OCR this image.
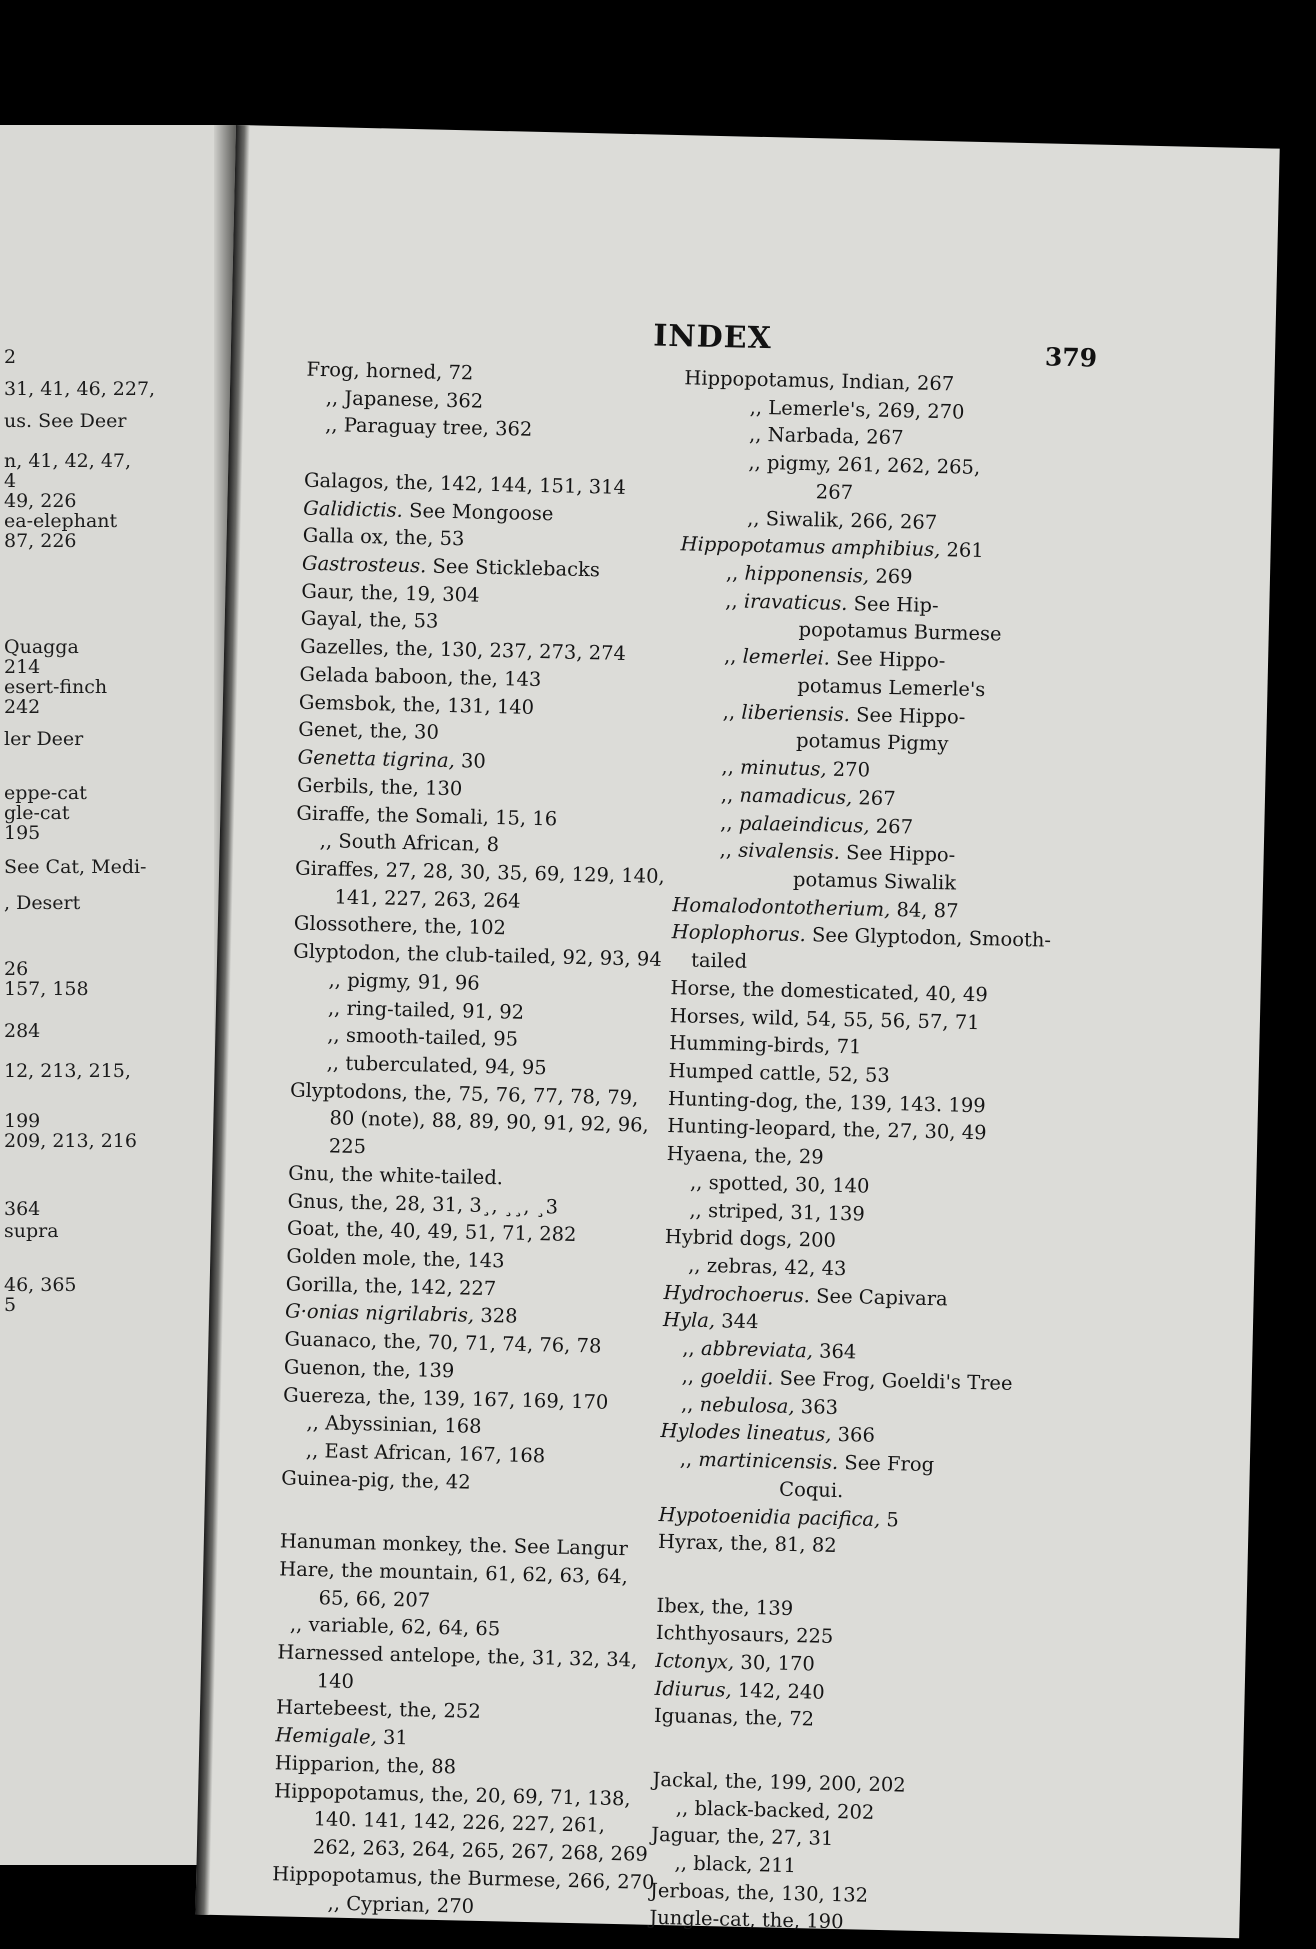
2
31, 41, 46, 227,
us. See Deer
n, 41, 42, 47,
4
49, 226
ea-elephant
87, 226
Quagga
214
esert-finch
242
ler Deer
eppe-cat
gle-cat
195
See Cat, Medi-
, Desert
26
157, 158
284
12, 213, 215,
199
209, 213, 216
364
supra
46, 365
5
INDEX
379
Frog, horned, 72
,, Japanese, 362
,, Paraguay tree, 362
Galagos, the, 142, 144, 151, 314
Galidictis. See Mongoose
Galla ox, the, 53
Gastrosteus. See Sticklebacks
Gaur, the, 19, 304
Gayal, the, 53
Gazelles, the, 130, 237, 273, 274
Gelada baboon, the, 143
Gemsbok, the, 131, 140
Genet, the, 30
Genetta tigrina, 30
Gerbils, the, 130
Giraffe, the Somali, 15, 16
,, South African, 8
Giraffes, 27, 28, 30, 35, 69, 129, 140,
141, 227, 263, 264
Glossothere, the, 102
Glyptodon, the club-tailed, 92, 93, 94
,, pigmy, 91, 96
,, ring-tailed, 91, 92
,, smooth-tailed, 95
,, tuberculated, 94, 95
Glyptodons, the, 75, 76, 77, 78, 79,
80 (note), 88, 89, 90, 91, 92, 96,
225
Gnu, the white-tailed.
Gnus, the, 28, 31, 3¸, ¸¸, ¸3
Goat, the, 40, 49, 51, 71, 282
Golden mole, the, 143
Gorilla, the, 142, 227
G·onias nigrilabris, 328
Guanaco, the, 70, 71, 74, 76, 78
Guenon, the, 139
Guereza, the, 139, 167, 169, 170
,, Abyssinian, 168
,, East African, 167, 168
Guinea-pig, the, 42
Hanuman monkey, the. See Langur
Hare, the mountain, 61, 62, 63, 64,
65, 66, 207
,, variable, 62, 64, 65
Harnessed antelope, the, 31, 32, 34,
140
Hartebeest, the, 252
Hemigale, 31
Hipparion, the, 88
Hippopotamus, the, 20, 69, 71, 138,
140. 141, 142, 226, 227, 261,
262, 263, 264, 265, 267, 268, 269
Hippopotamus, the Burmese, 266, 270
,, Cyprian, 270
Hippopotamus, Indian, 267
,, Lemerle's, 269, 270
,, Narbada, 267
,, pigmy, 261, 262, 265,
267
,, Siwalik, 266, 267
Hippopotamus amphibius, 261
,, hipponensis, 269
,, iravaticus. See Hip-
popotamus Burmese
,, lemerlei. See Hippo-
potamus Lemerle's
,, liberiensis. See Hippo-
potamus Pigmy
,, minutus, 270
,, namadicus, 267
,, palaeindicus, 267
,, sivalensis. See Hippo-
potamus Siwalik
Homalodontotherium, 84, 87
Hoplophorus. See Glyptodon, Smooth-
tailed
Horse, the domesticated, 40, 49
Horses, wild, 54, 55, 56, 57, 71
Humming-birds, 71
Humped cattle, 52, 53
Hunting-dog, the, 139, 143. 199
Hunting-leopard, the, 27, 30, 49
Hyaena, the, 29
,, spotted, 30, 140
,, striped, 31, 139
Hybrid dogs, 200
,, zebras, 42, 43
Hydrochoerus. See Capivara
Hyla, 344
,, abbreviata, 364
,, goeldii. See Frog, Goeldi's Tree
,, nebulosa, 363
Hylodes lineatus, 366
,, martinicensis. See Frog
Coqui.
Hypotoenidia pacifica, 5
Hyrax, the, 81, 82
Ibex, the, 139
Ichthyosaurs, 225
Ictonyx, 30, 170
Idiurus, 142, 240
Iguanas, the, 72
Jackal, the, 199, 200, 202
,, black-backed, 202
Jaguar, the, 27, 31
,, black, 211
Jerboas, the, 130, 132
Jungle-cat, the, 190
